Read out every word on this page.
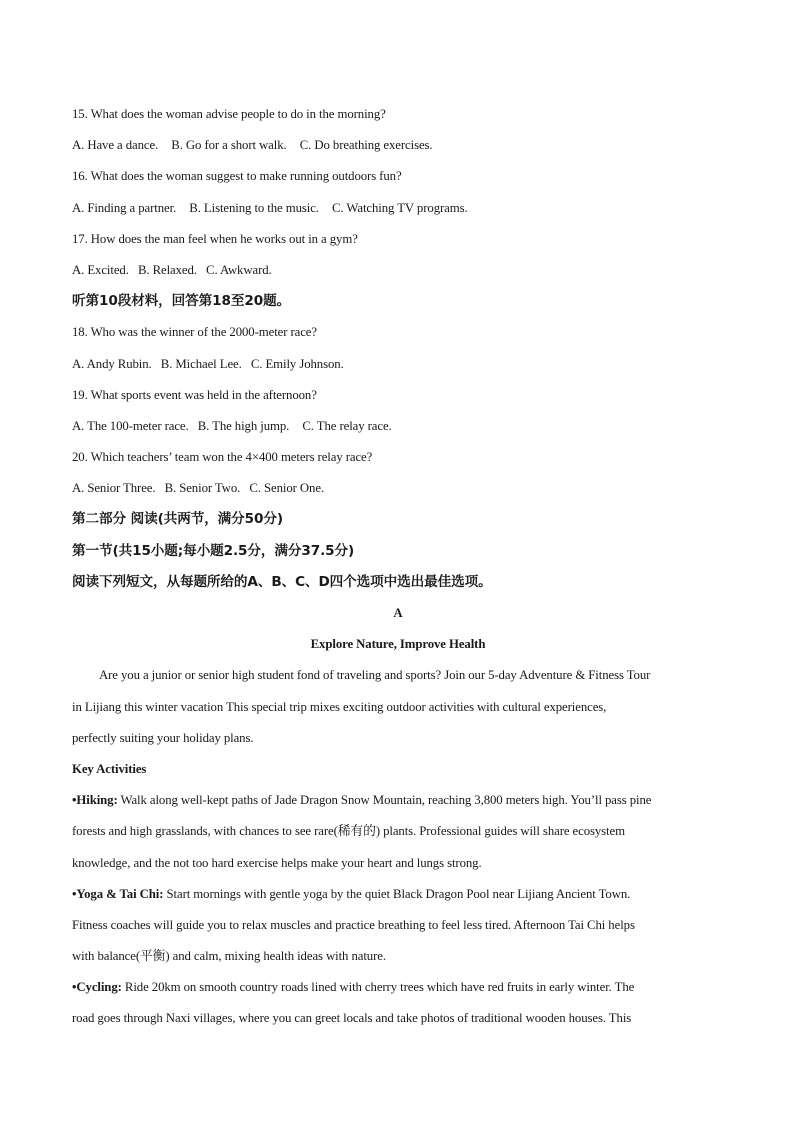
15. What does the woman advise people to do in the morning?
A. Have a dance. B. Go for a short walk. C. Do breathing exercises.
16. What does the woman suggest to make running outdoors fun?
A. Finding a partner. B. Listening to the music. C. Watching TV programs.
17. How does the man feel when he works out in a gym?
A. Excited. B. Relaxed. C. Awkward.
听第10段材料，回答第18至20题。
18. Who was the winner of the 2000-meter race?
A. Andy Rubin. B. Michael Lee. C. Emily Johnson.
19. What sports event was held in the afternoon?
A. The 100-meter race. B. The high jump. C. The relay race.
20. Which teachers’ team won the 4×400 meters relay race?
A. Senior Three. B. Senior Two. C. Senior One.
第二部分 阅读(共两节，满分50分)
第一节(共15小题;每小题2.5分，满分37.5分)
阅读下列短文，从每题所给的A、B、C、D四个选项中选出最佳选项。
A
Explore Nature, Improve Health
Are you a junior or senior high student fond of traveling and sports? Join our 5-day Adventure & Fitness Tour
in Lijiang this winter vacation This special trip mixes exciting outdoor activities with cultural experiences,
perfectly suiting your holiday plans.
Key Activities
•Hiking: Walk along well-kept paths of Jade Dragon Snow Mountain, reaching 3,800 meters high. You’ll pass pine
forests and high grasslands, with chances to see rare(稀有的) plants. Professional guides will share ecosystem
knowledge, and the not too hard exercise helps make your heart and lungs strong.
•Yoga & Tai Chi: Start mornings with gentle yoga by the quiet Black Dragon Pool near Lijiang Ancient Town.
Fitness coaches will guide you to relax muscles and practice breathing to feel less tired. Afternoon Tai Chi helps
with balance(平衡) and calm, mixing health ideas with nature.
•Cycling: Ride 20km on smooth country roads lined with cherry trees which have red fruits in early winter. The
road goes through Naxi villages, where you can greet locals and take photos of traditional wooden houses. This
